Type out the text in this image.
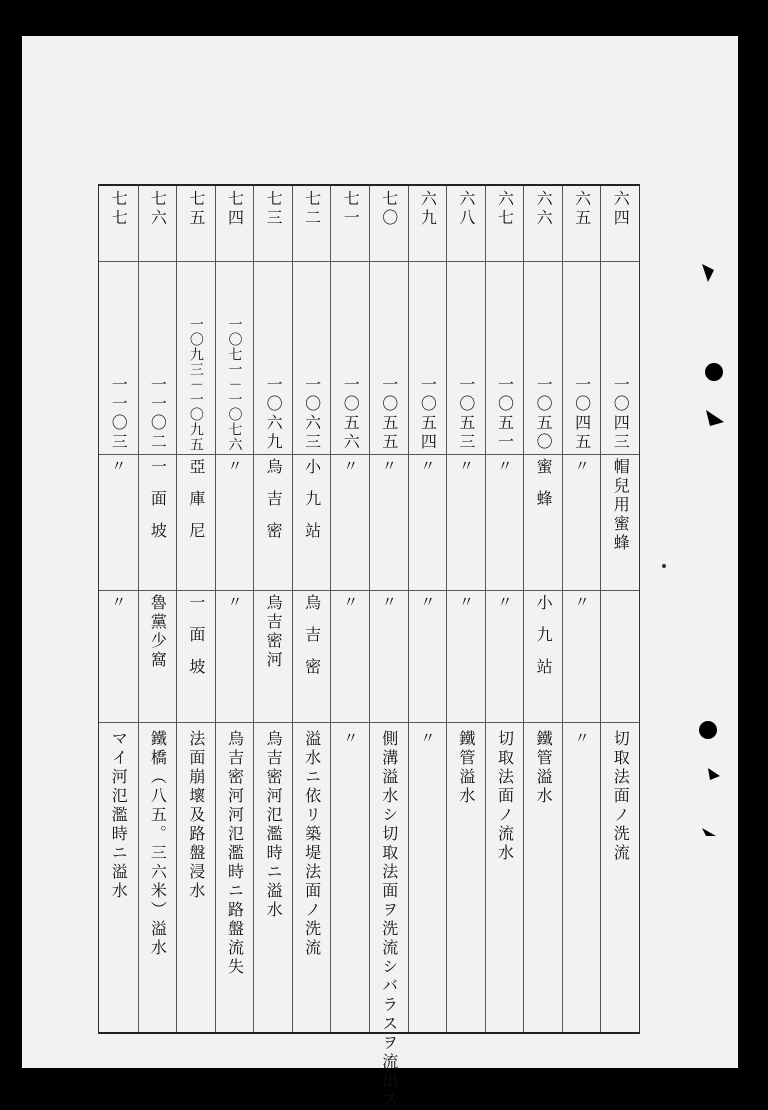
六四
一〇四三
帽兒用蜜蜂
切取法面ノ洗流
六五
一〇四五
〃
〃
〃
六六
一〇五〇
蜜蜂
小九站
鐵管溢水
六七
一〇五一
〃
〃
切取法面ノ流水
六八
一〇五三
〃
〃
鐵管溢水
六九
一〇五四
〃
〃
〃
七〇
一〇五五
〃
〃
側溝溢水シ切取法面ヲ洗流シバラスヲ流出ス
七一
一〇五六
〃
〃
〃
七二
一〇六三
小九站
烏吉密
溢水ニ依リ築堤法面ノ洗流
七三
一〇六九
烏吉密
烏吉密河
烏吉密河氾濫時ニ溢水
七四
一〇七一－一〇七六
〃
〃
烏吉密河河氾濫時ニ路盤流失
七五
一〇九三－一〇九五
亞庫尼
一面坡
法面崩壞及路盤浸水
七六
一一〇二
一面坡
魯黨少窩
鐵橋（八五。三六米）溢水
七七
一一〇三
〃
〃
マイ河氾濫時ニ溢水
